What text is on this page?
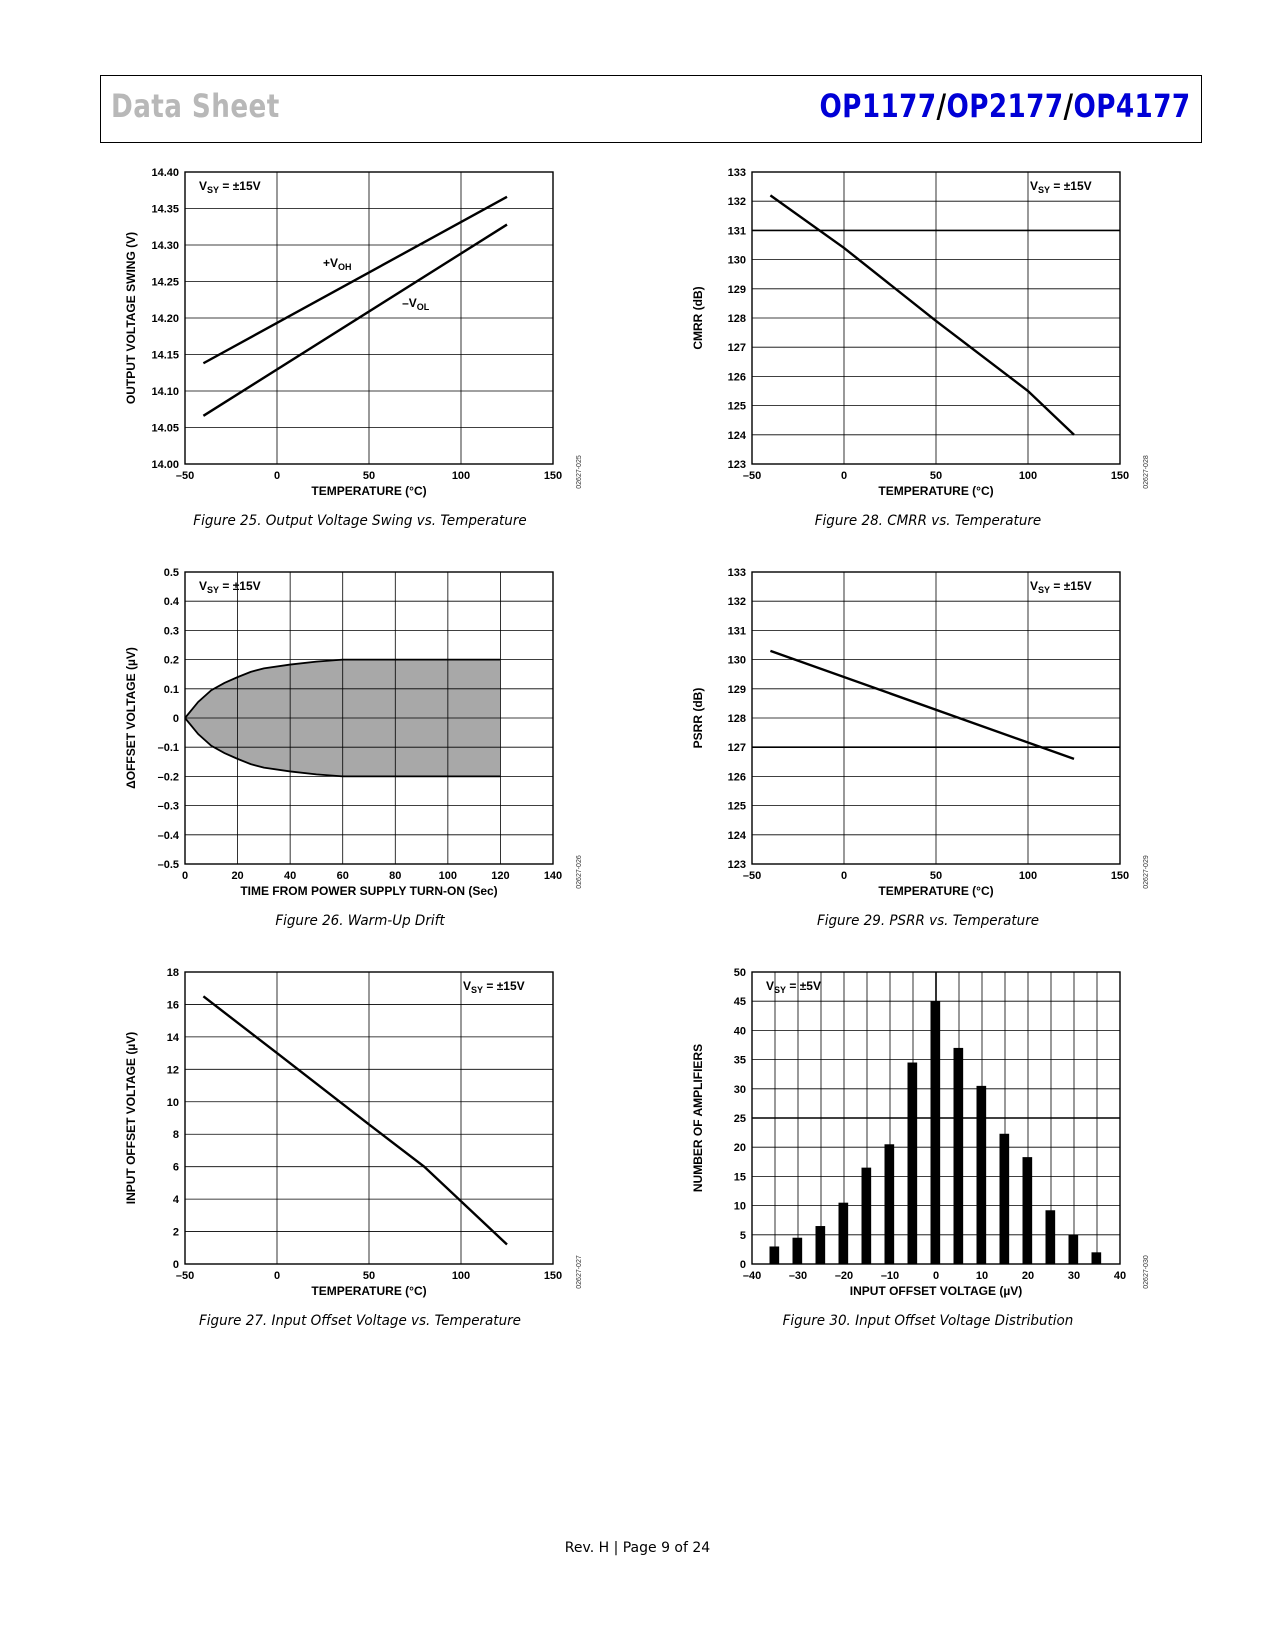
Data Sheet	OP1177/OP2177/OP4177
–50	0	50	100	150
14.00
14.05
14.10
14.15
14.20
14.25
14.30
14.35
14.40
TEMPERATURE (°C)
OUTPUT VOLTAGE SWING (V)
$V_{SY} = \pm 15V$
$+V_{OH}$
$-V_{OL}$
02627-025
Figure 25. Output Voltage Swing vs. Temperature
0	20	40	60	80	100	120	140
–0.5
–0.4
–0.3
–0.2
–0.1
0
0.1
0.2
0.3
0.4
0.5
TIME FROM POWER SUPPLY TURN-ON (Sec)
ΔOFFSET VOLTAGE (µV)
$V_{SY} = \pm 15V$
02627-026
Figure 26. Warm-Up Drift
–50	0	50	100	150
0
2
4
6
8
10
12
14
16
18
TEMPERATURE (°C)
INPUT OFFSET VOLTAGE (µV)
$V_{SY} = \pm 15V$
02627-027
Figure 27. Input Offset Voltage vs. Temperature
–50	0	50	100	150
123
124
125
126
127
128
129
130
131
132
133
TEMPERATURE (°C)
CMRR (dB)
$V_{SY} = \pm 15V$
02627-028
Figure 28. CMRR vs. Temperature
–50	0	50	100	150
123
124
125
126
127
128
129
130
131
132
133
TEMPERATURE (°C)
PSRR (dB)
$V_{SY} = \pm 15V$
02627-029
Figure 29. PSRR vs. Temperature
–40	–30	–20	–10	0	10	20	30	40
0
5
10
15
20
25
30
35
40
45
50
INPUT OFFSET VOLTAGE (µV)
NUMBER OF AMPLIFIERS
$V_{SY} = \pm 5V$
02627-030
Figure 30. Input Offset Voltage Distribution
Rev. H | Page 9 of 24
